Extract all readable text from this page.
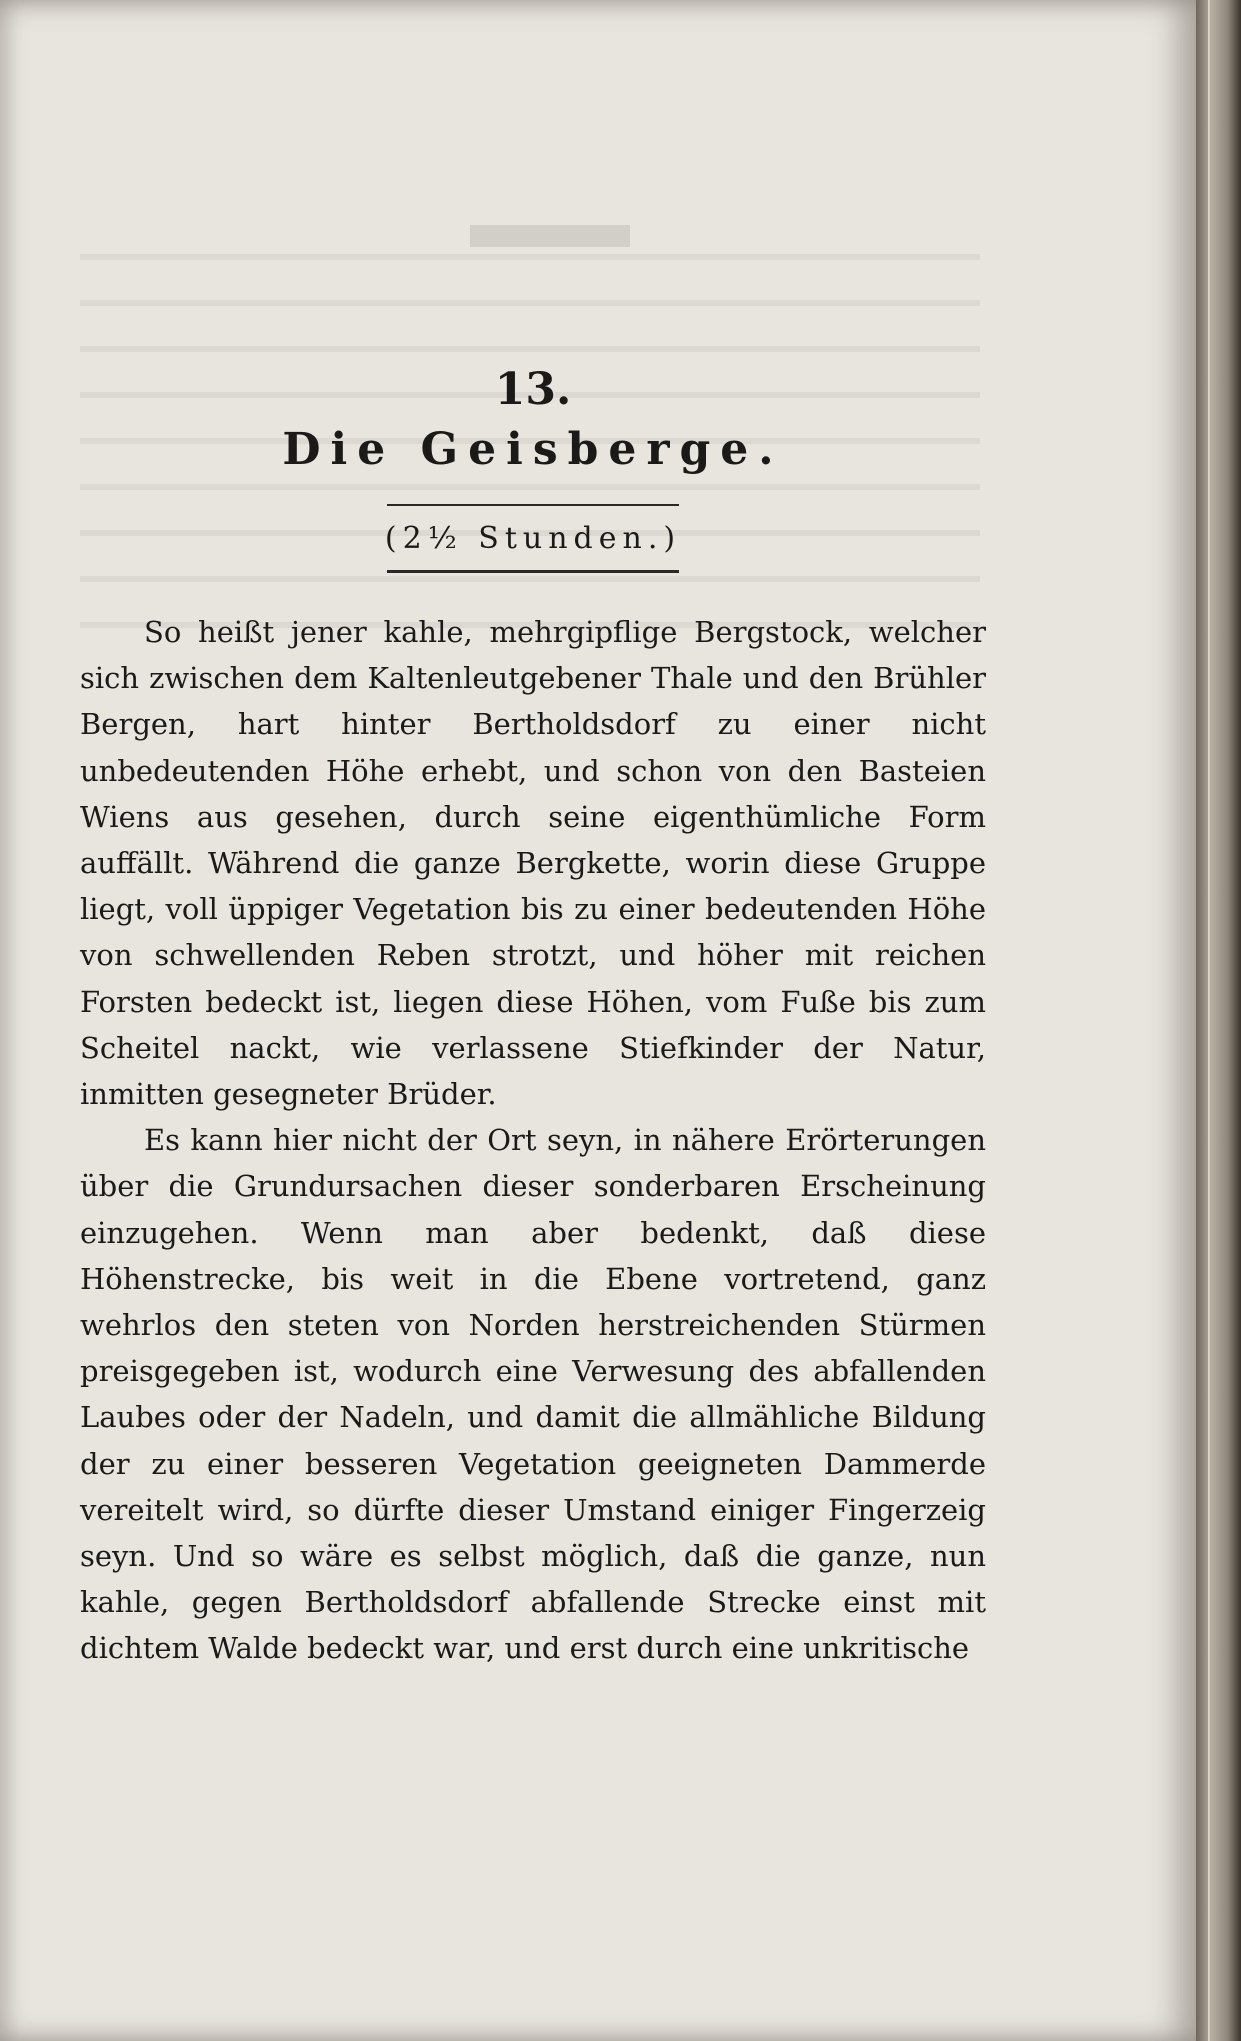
13.

Die Geisberge.

(2½ Stunden.)

So heißt jener kahle, mehrgipflige Bergstock, welcher sich zwischen dem Kaltenleutgebener Thale und den Brühler Bergen, hart hinter Bertholdsdorf zu einer nicht unbedeutenden Höhe erhebt, und schon von den Basteien Wiens aus gesehen, durch seine eigenthümliche Form auffällt. Während die ganze Bergkette, worin diese Gruppe liegt, voll üppiger Vegetation bis zu einer bedeutenden Höhe von schwellenden Reben strotzt, und höher mit reichen Forsten bedeckt ist, liegen diese Höhen, vom Fuße bis zum Scheitel nackt, wie verlassene Stiefkinder der Natur, inmitten gesegneter Brüder.

Es kann hier nicht der Ort seyn, in nähere Erörterungen über die Grundursachen dieser sonderbaren Erscheinung einzugehen. Wenn man aber bedenkt, daß diese Höhenstrecke, bis weit in die Ebene vortretend, ganz wehrlos den steten von Norden herstreichenden Stürmen preisgegeben ist, wodurch eine Verwesung des abfallenden Laubes oder der Nadeln, und damit die allmähliche Bildung der zu einer besseren Vegetation geeigneten Dammerde vereitelt wird, so dürfte dieser Umstand einiger Fingerzeig seyn. Und so wäre es selbst möglich, daß die ganze, nun kahle, gegen Bertholdsdorf abfallende Strecke einst mit dichtem Walde bedeckt war, und erst durch eine unkritische
